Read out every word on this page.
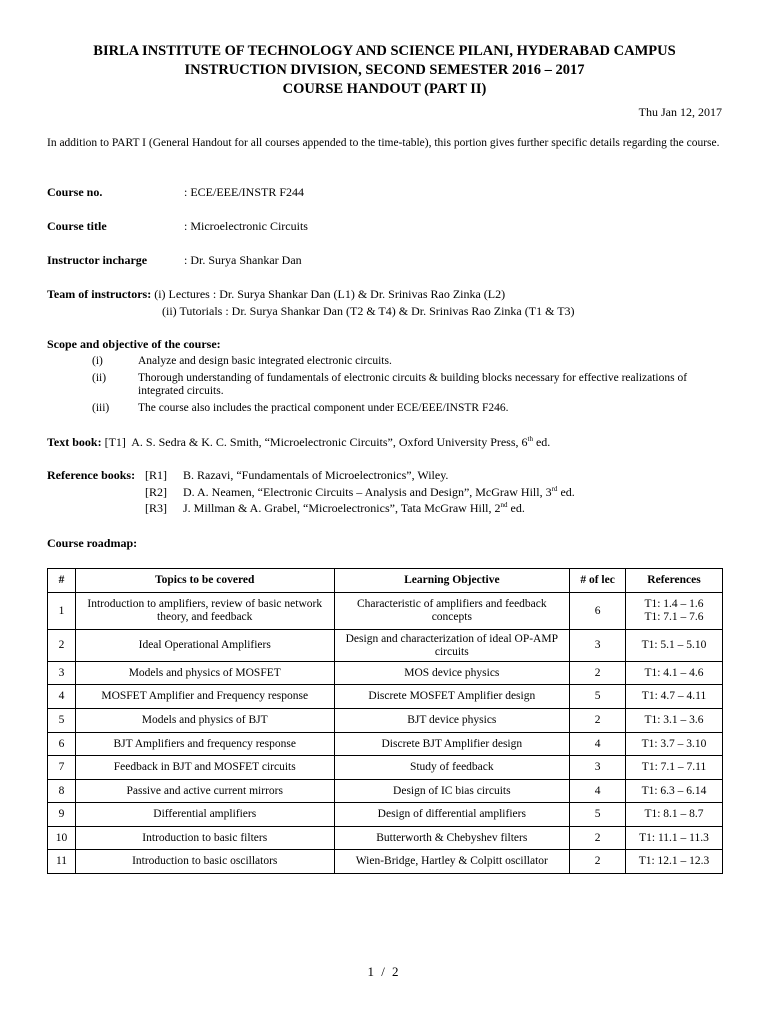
BIRLA INSTITUTE OF TECHNOLOGY AND SCIENCE PILANI, HYDERABAD CAMPUS

INSTRUCTION DIVISION, SECOND SEMESTER 2016 – 2017

COURSE HANDOUT (PART II)

Thu Jan 12, 2017
In addition to PART I (General Handout for all courses appended to the time-table), this portion gives further specific details regarding the course.
Course no.	: ECE/EEE/INSTR F244
Course title	: Microelectronic Circuits
Instructor incharge	: Dr. Surya Shankar Dan
Team of instructors: (i) Lectures : Dr. Surya Shankar Dan (L1) & Dr. Srinivas Rao Zinka (L2)
(ii) Tutorials : Dr. Surya Shankar Dan (T2 & T4) & Dr. Srinivas Rao Zinka (T1 & T3)
Scope and objective of the course:
(i)	Analyze and design basic integrated electronic circuits.
(ii)	Thorough understanding of fundamentals of electronic circuits & building blocks necessary for effective realizations of integrated circuits.
(iii)	The course also includes the practical component under ECE/EEE/INSTR F246.
Text book: [T1] A. S. Sedra & K. C. Smith, “Microelectronic Circuits”, Oxford University Press, 6th ed.
Reference books: [R1] B. Razavi, “Fundamentals of Microelectronics”, Wiley.
[R2] D. A. Neamen, “Electronic Circuits – Analysis and Design”, McGraw Hill, 3rd ed.
[R3] J. Millman & A. Grabel, “Microelectronics”, Tata McGraw Hill, 2nd ed.
Course roadmap:
#	Topics to be covered	Learning Objective	# of lec	References
1	Introduction to amplifiers, review of basic network theory, and feedback	Characteristic of amplifiers and feedback concepts	6	T1: 1.4 – 1.6
T1: 7.1 – 7.6

2	Ideal Operational Amplifiers	Design and characterization of ideal OP-AMP circuits	3	T1: 5.1 – 5.10

3	Models and physics of MOSFET	MOS device physics	2	T1: 4.1 – 4.6

4	MOSFET Amplifier and Frequency response	Discrete MOSFET Amplifier design	5	T1: 4.7 – 4.11

5	Models and physics of BJT	BJT device physics	2	T1: 3.1 – 3.6

6	BJT Amplifiers and frequency response	Discrete BJT Amplifier design	4	T1: 3.7 – 3.10

7	Feedback in BJT and MOSFET circuits	Study of feedback	3	T1: 7.1 – 7.11

8	Passive and active current mirrors	Design of IC bias circuits	4	T1: 6.3 – 6.14

9	Differential amplifiers	Design of differential amplifiers	5	T1: 8.1 – 8.7

10	Introduction to basic filters	Butterworth & Chebyshev filters	2	T1: 11.1 – 11.3

11	Introduction to basic oscillators	Wien-Bridge, Hartley & Colpitt oscillator	2	T1: 12.1 – 12.3
1 / 2
